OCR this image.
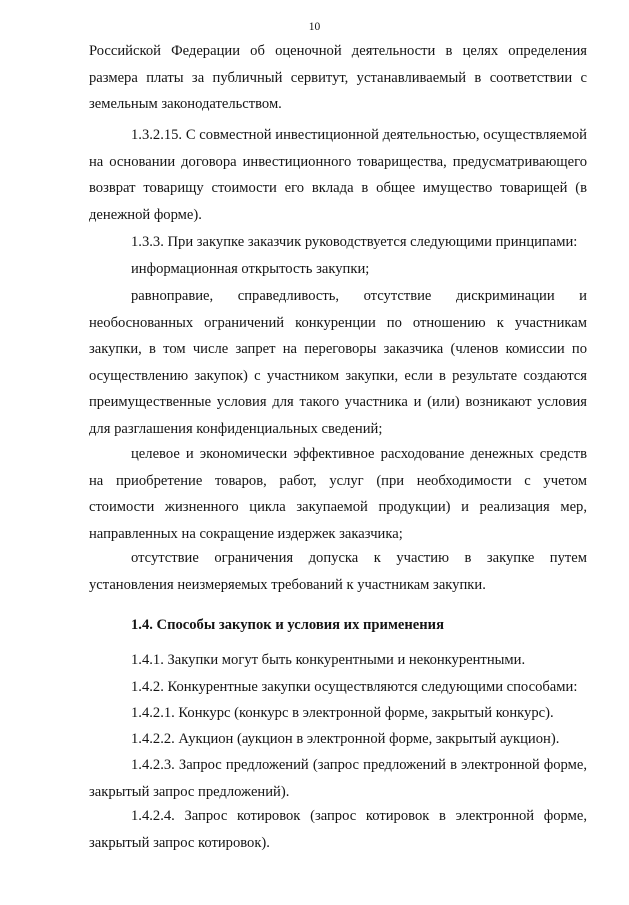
10
Российской Федерации об оценочной деятельности в целях определения
размера платы за публичный сервитут, устанавливаемый в соответствии с
земельным законодательством.
1.3.2.15. С совместной инвестиционной деятельностью, осуществляемой
на основании договора инвестиционного товарищества, предусматривающего
возврат товарищу стоимости его вклада в общее имущество товарищей (в
денежной форме).
1.3.3. При закупке заказчик руководствуется следующими принципами:
информационная открытость закупки;
равноправие, справедливость, отсутствие дискриминации и
необоснованных ограничений конкуренции по отношению к участникам
закупки, в том числе запрет на переговоры заказчика (членов комиссии по
осуществлению закупок) с участником закупки, если в результате создаются
преимущественные условия для такого участника и (или) возникают условия
для разглашения конфиденциальных сведений;
целевое и экономически эффективное расходование денежных средств
на приобретение товаров, работ, услуг (при необходимости с учетом
стоимости жизненного цикла закупаемой продукции) и реализация мер,
направленных на сокращение издержек заказчика;
отсутствие ограничения допуска к участию в закупке путем
установления неизмеряемых требований к участникам закупки.
1.4. Способы закупок и условия их применения
1.4.1. Закупки могут быть конкурентными и неконкурентными.
1.4.2. Конкурентные закупки осуществляются следующими способами:
1.4.2.1. Конкурс (конкурс в электронной форме, закрытый конкурс).
1.4.2.2. Аукцион (аукцион в электронной форме, закрытый аукцион).
1.4.2.3. Запрос предложений (запрос предложений в электронной форме,
закрытый запрос предложений).
1.4.2.4. Запрос котировок (запрос котировок в электронной форме,
закрытый запрос котировок).
